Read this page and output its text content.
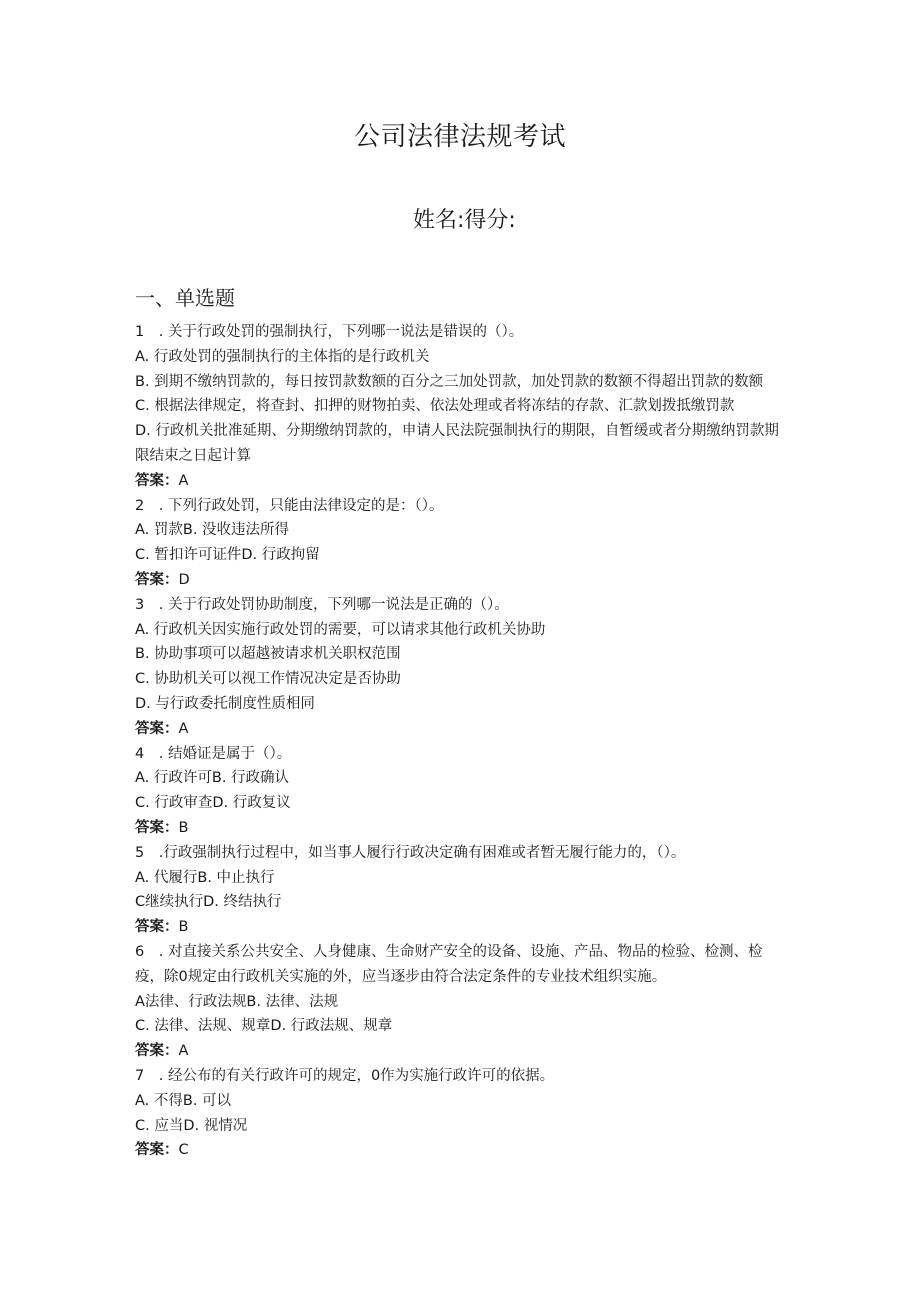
公司法律法规考试
姓名:得分:
一、单选题
1　. 关于行政处罚的强制执行，下列哪一说法是错误的（）。
A. 行政处罚的强制执行的主体指的是行政机关
B. 到期不缴纳罚款的，每日按罚款数额的百分之三加处罚款，加处罚款的数额不得超出罚款的数额
C. 根据法律规定，将查封、扣押的财物拍卖、依法处理或者将冻结的存款、汇款划拨抵缴罚款
D. 行政机关批准延期、分期缴纳罚款的，申请人民法院强制执行的期限，自暂缓或者分期缴纳罚款期限结束之日起计算
答案：A
2　. 下列行政处罚，只能由法律设定的是：（）。
A. 罚款B. 没收违法所得
C. 暂扣许可证件D. 行政拘留
答案：D
3　. 关于行政处罚协助制度，下列哪一说法是正确的（）。
A. 行政机关因实施行政处罚的需要，可以请求其他行政机关协助
B. 协助事项可以超越被请求机关职权范围
C. 协助机关可以视工作情况决定是否协助
D. 与行政委托制度性质相同
答案：A
4　. 结婚证是属于（）。
A. 行政许可B. 行政确认
C. 行政审查D. 行政复议
答案：B
5　.行政强制执行过程中，如当事人履行行政决定确有困难或者暂无履行能力的，（）。
A. 代履行B. 中止执行
C继续执行D. 终结执行
答案：B
6　. 对直接关系公共安全、人身健康、生命财产安全的设备、设施、产品、物品的检验、检测、检疫，除0规定由行政机关实施的外，应当逐步由符合法定条件的专业技术组织实施。
A法律、行政法规B. 法律、法规
C. 法律、法规、规章D. 行政法规、规章
答案：A
7　. 经公布的有关行政许可的规定，0作为实施行政许可的依据。
A. 不得B. 可以
C. 应当D. 视情况
答案：C
